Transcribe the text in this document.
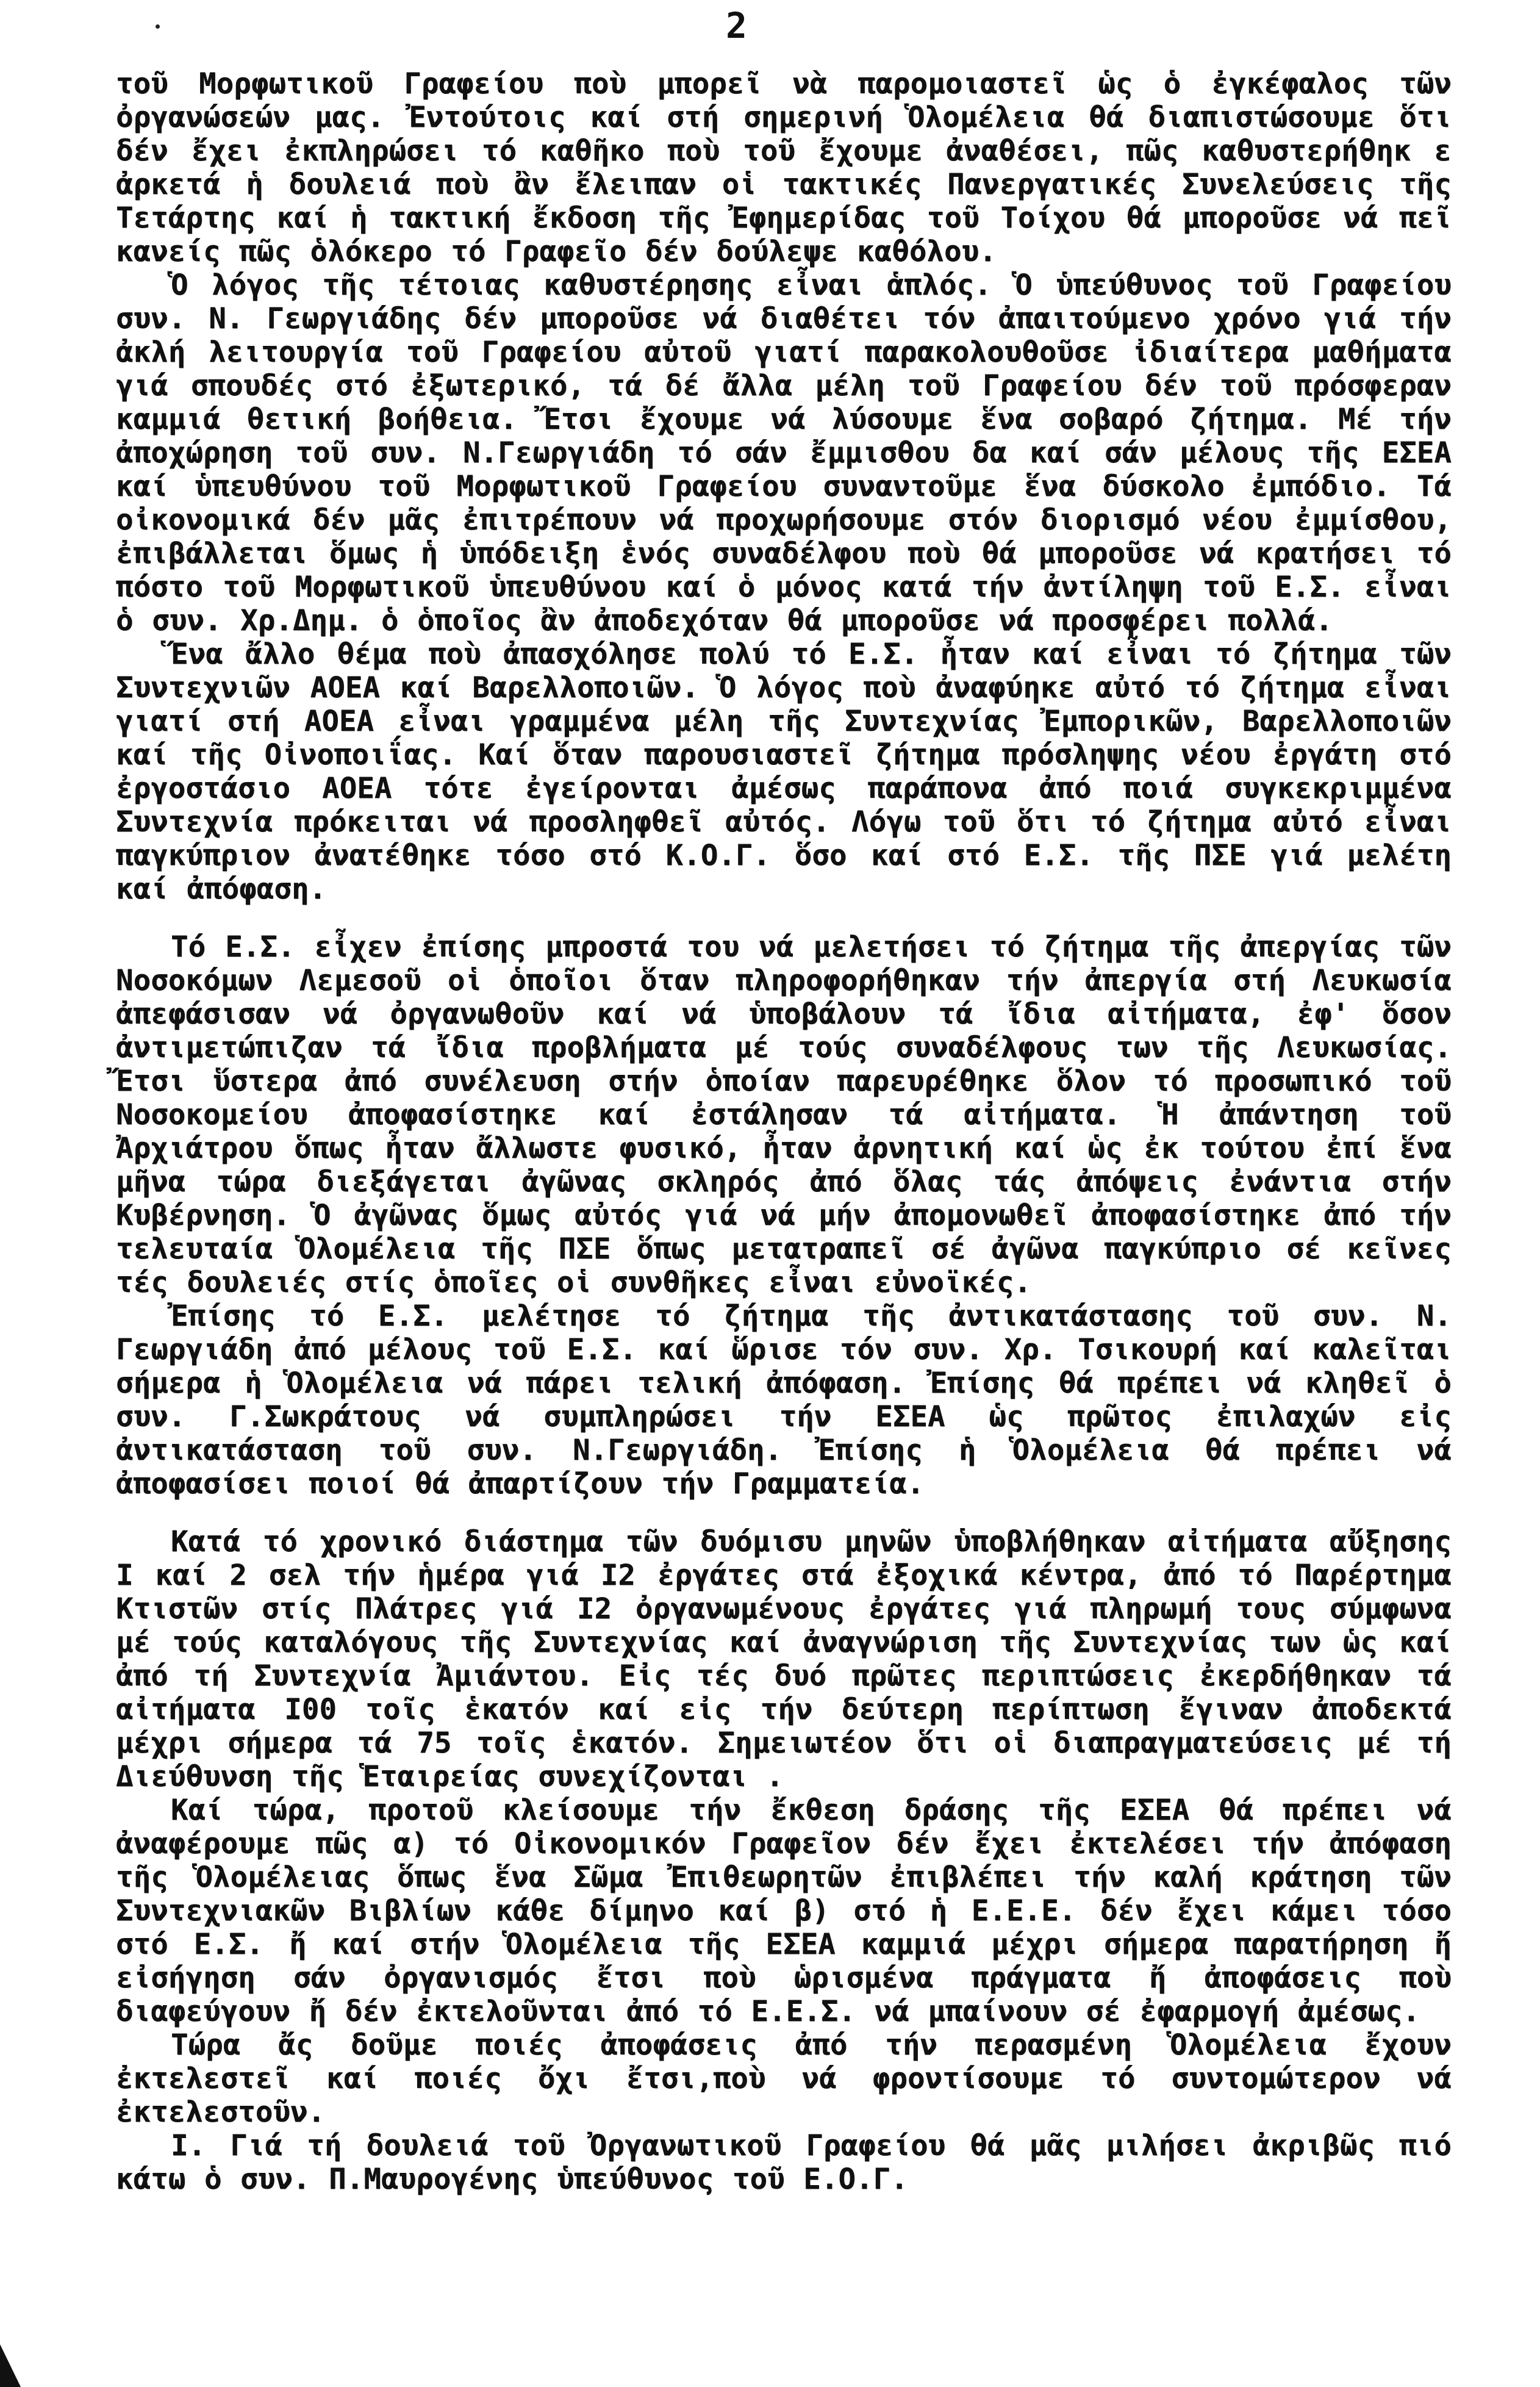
2

τοῦ Μορφωτικοῦ Γραφείου ποὺ μπορεῖ νὰ παρομοιαστεῖ ὡς ὁ ἐγκέφαλος τῶν ὀργανώσεών μας. Ἐντούτοις καί στή σημερινή Ὁλομέλεια θά διαπιστώσουμε ὅτι δέν ἔχει ἐκπληρώσει τό καθῆκο ποὺ τοῦ ἔχουμε ἀναθέσει, πῶς καθυστερήθηκ ε ἀρκετά ἡ δουλειά ποὺ ἂν ἔλειπαν οἱ τακτικές Πανεργατικές Συνελεύσεις τῆς Τετάρτης καί ἡ τακτική ἔκδοση τῆς Ἐφημερίδας τοῦ Τοίχου θά μποροῦσε νά πεῖ κανείς πῶς ὁλόκερο τό Γραφεῖο δέν δούλεψε καθόλου.

Ὁ λόγος τῆς τέτοιας καθυστέρησης εἶναι ἁπλός. Ὁ ὑπεύθυνος τοῦ Γραφείου συν. Ν. Γεωργιάδης δέν μποροῦσε νά διαθέτει τόν ἀπαιτούμενο χρόνο γιά τήν ἀκλή λειτουργία τοῦ Γραφείου αὐτοῦ γιατί παρακολουθοῦσε ἰδιαίτερα μαθήματα γιά σπουδές στό ἐξωτερικό, τά δέ ἄλλα μέλη τοῦ Γραφείου δέν τοῦ πρόσφεραν καμμιά θετική βοήθεια. Ἔτσι ἔχουμε νά λύσουμε ἕνα σοβαρό ζήτημα. Μέ τήν ἀποχώρηση τοῦ συν. Ν.Γεωργιάδη τό σάν ἔμμισθου δα καί σάν μέλους τῆς ΕΣΕΑ καί ὑπευθύνου τοῦ Μορφωτικοῦ Γραφείου συναντοῦμε ἕνα δύσκολο ἐμπόδιο. Τά οἰκονομικά δέν μᾶς ἐπιτρέπουν νά προχωρήσουμε στόν διορισμό νέου ἐμμίσθου, ἐπιβάλλεται ὅμως ἡ ὑπόδειξη ἑνός συναδέλφου ποὺ θά μποροῦσε νά κρατήσει τό πόστο τοῦ Μορφωτικοῦ ὑπευθύνου καί ὁ μόνος κατά τήν ἀντίληψη τοῦ Ε.Σ. εἶναι ὁ συν. Χρ.Δημ. ὁ ὁποῖος ἂν ἀποδεχόταν θά μποροῦσε νά προσφέρει πολλά.

Ἕνα ἄλλο θέμα ποὺ ἀπασχόλησε πολύ τό Ε.Σ. ἦταν καί εἶναι τό ζήτημα τῶν Συντεχνιῶν ΑΟΕΑ καί Βαρελλοποιῶν. Ὁ λόγος ποὺ ἀναφύηκε αὐτό τό ζήτημα εἶναι γιατί στή ΑΟΕΑ εἶναι γραμμένα μέλη τῆς Συντεχνίας Ἐμπορικῶν, Βαρελλοποιῶν καί τῆς Οἰνοποιΐας. Καί ὅταν παρουσιαστεῖ ζήτημα πρόσληψης νέου ἐργάτη στό ἐργοστάσιο ΑΟΕΑ τότε ἐγείρονται ἀμέσως παράπονα ἀπό ποιά συγκεκριμμένα Συντεχνία πρόκειται νά προσληφθεῖ αὐτός. Λόγω τοῦ ὅτι τό ζήτημα αὐτό εἶναι παγκύπριον ἀνατέθηκε τόσο στό Κ.Ο.Γ. ὅσο καί στό Ε.Σ. τῆς ΠΣΕ γιά μελέτη καί ἀπόφαση.

Τό Ε.Σ. εἶχεν ἐπίσης μπροστά του νά μελετήσει τό ζήτημα τῆς ἀπεργίας τῶν Νοσοκόμων Λεμεσοῦ οἱ ὁποῖοι ὅταν πληροφορήθηκαν τήν ἀπεργία στή Λευκωσία ἀπεφάσισαν νά ὀργανωθοῦν καί νά ὑποβάλουν τά ἴδια αἰτήματα, ἐφ' ὅσον ἀντιμετώπιζαν τά ἴδια προβλήματα μέ τούς συναδέλφους των τῆς Λευκωσίας. Ἔτσι ὕστερα ἀπό συνέλευση στήν ὁποίαν παρευρέθηκε ὅλον τό προσωπικό τοῦ Νοσοκομείου ἀποφασίστηκε καί ἐστάλησαν τά αἰτήματα. Ἡ ἀπάντηση τοῦ Ἀρχιάτρου ὅπως ἦταν ἄλλωστε φυσικό, ἦταν ἀρνητική καί ὡς ἐκ τούτου ἐπί ἕνα μῆνα τώρα διεξάγεται ἀγῶνας σκληρός ἀπό ὅλας τάς ἀπόψεις ἐνάντια στήν Κυβέρνηση. Ὁ ἀγῶνας ὅμως αὐτός γιά νά μήν ἀπομονωθεῖ ἀποφασίστηκε ἀπό τήν τελευταία Ὁλομέλεια τῆς ΠΣΕ ὅπως μετατραπεῖ σέ ἀγῶνα παγκύπριο σέ κεῖνες τές δουλειές στίς ὁποῖες οἱ συνθῆκες εἶναι εὐνοϊκές.

Ἐπίσης τό Ε.Σ. μελέτησε τό ζήτημα τῆς ἀντικατάστασης τοῦ συν. Ν. Γεωργιάδη ἀπό μέλους τοῦ Ε.Σ. καί ὥρισε τόν συν. Χρ. Τσικουρή καί καλεῖται σήμερα ἡ Ὁλομέλεια νά πάρει τελική ἀπόφαση. Ἐπίσης θά πρέπει νά κληθεῖ ὁ συν. Γ.Σωκράτους νά συμπληρώσει τήν ΕΣΕΑ ὡς πρῶτος ἐπιλαχών εἰς ἀντικατάσταση τοῦ συν. Ν.Γεωργιάδη. Ἐπίσης ἡ Ὁλομέλεια θά πρέπει νά ἀποφασίσει ποιοί θά ἀπαρτίζουν τήν Γραμματεία.

Κατά τό χρονικό διάστημα τῶν δυόμισυ μηνῶν ὑποβλήθηκαν αἰτήματα αὔξησης I καί 2 σελ τήν ἡμέρα γιά I2 ἐργάτες στά ἐξοχικά κέντρα, ἀπό τό Παρέρτημα Κτιστῶν στίς Πλάτρες γιά I2 ὀργανωμένους ἐργάτες γιά πληρωμή τους σύμφωνα μέ τούς καταλόγους τῆς Συντεχνίας καί ἀναγνώριση τῆς Συντεχνίας των ὡς καί ἀπό τή Συντεχνία Ἀμιάντου. Εἰς τές δυό πρῶτες περιπτώσεις ἐκερδήθηκαν τά αἰτήματα I00 τοῖς ἑκατόν καί εἰς τήν δεύτερη περίπτωση ἔγιναν ἀποδεκτά μέχρι σήμερα τά 75 τοῖς ἑκατόν. Σημειωτέον ὅτι οἱ διαπραγματεύσεις μέ τή Διεύθυνση τῆς Ἑταιρείας συνεχίζονται .

Καί τώρα, προτοῦ κλείσουμε τήν ἔκθεση δράσης τῆς ΕΣΕΑ θά πρέπει νά ἀναφέρουμε πῶς α) τό Οἰκονομικόν Γραφεῖον δέν ἔχει ἐκτελέσει τήν ἀπόφαση τῆς Ὁλομέλειας ὅπως ἕνα Σῶμα Ἐπιθεωρητῶν ἐπιβλέπει τήν καλή κράτηση τῶν Συντεχνιακῶν Βιβλίων κάθε δίμηνο καί β) στό ἡ Ε.Ε.Ε. δέν ἔχει κάμει τόσο στό Ε.Σ. ἤ καί στήν Ὁλομέλεια τῆς ΕΣΕΑ καμμιά μέχρι σήμερα παρατήρηση ἤ εἰσήγηση σάν ὀργανισμός ἔτσι ποὺ ὡρισμένα πράγματα ἤ ἀποφάσεις ποὺ διαφεύγουν ἤ δέν ἐκτελοῦνται ἀπό τό Ε.Ε.Σ. νά μπαίνουν σέ ἐφαρμογή ἀμέσως.

Τώρα ἄς δοῦμε ποιές ἀποφάσεις ἀπό τήν περασμένη Ὁλομέλεια ἔχουν ἐκτελεστεῖ καί ποιές ὄχι ἔτσι,ποὺ νά φροντίσουμε τό συντομώτερον νά ἐκτελεστοῦν.

I. Γιά τή δουλειά τοῦ Ὀργανωτικοῦ Γραφείου θά μᾶς μιλήσει ἀκριβῶς πιό κάτω ὁ συν. Π.Μαυρογένης ὑπεύθυνος τοῦ Ε.Ο.Γ.
